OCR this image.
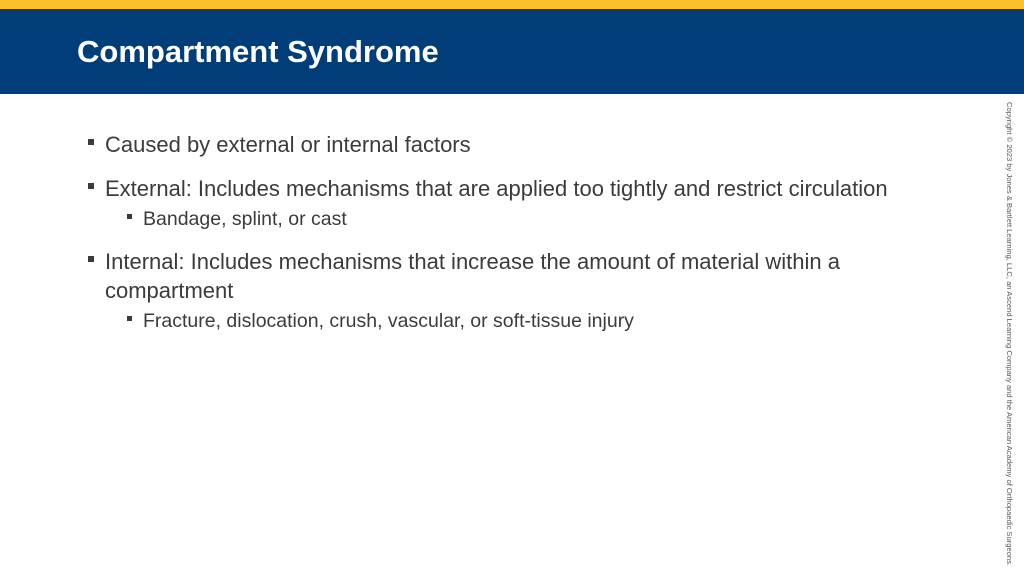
Compartment Syndrome
Caused by external or internal factors
External: Includes mechanisms that are applied too tightly and restrict circulation
Bandage, splint, or cast
Internal: Includes mechanisms that increase the amount of material within a compartment
Fracture, dislocation, crush, vascular, or soft-tissue injury	Copyright © 2023 by Jones & Bartlett Learning, LLC, an Ascend Learning Company and the American Academy of Orthopaedic Surgeons.
